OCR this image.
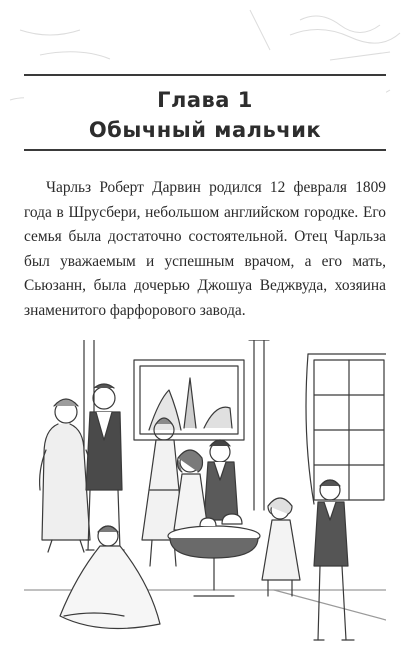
Глава 1
Обычный мальчик

Чарльз Роберт Дарвин родился 12 февраля 1809 года в Шрусбери, небольшом английском городке. Его семья была достаточно состоятельной. Отец Чарльза был уважаемым и успешным врачом, а его мать, Сьюзанн, была дочерью Джошуа Веджвуда, хозяина знаменитого фарфорового завода.
